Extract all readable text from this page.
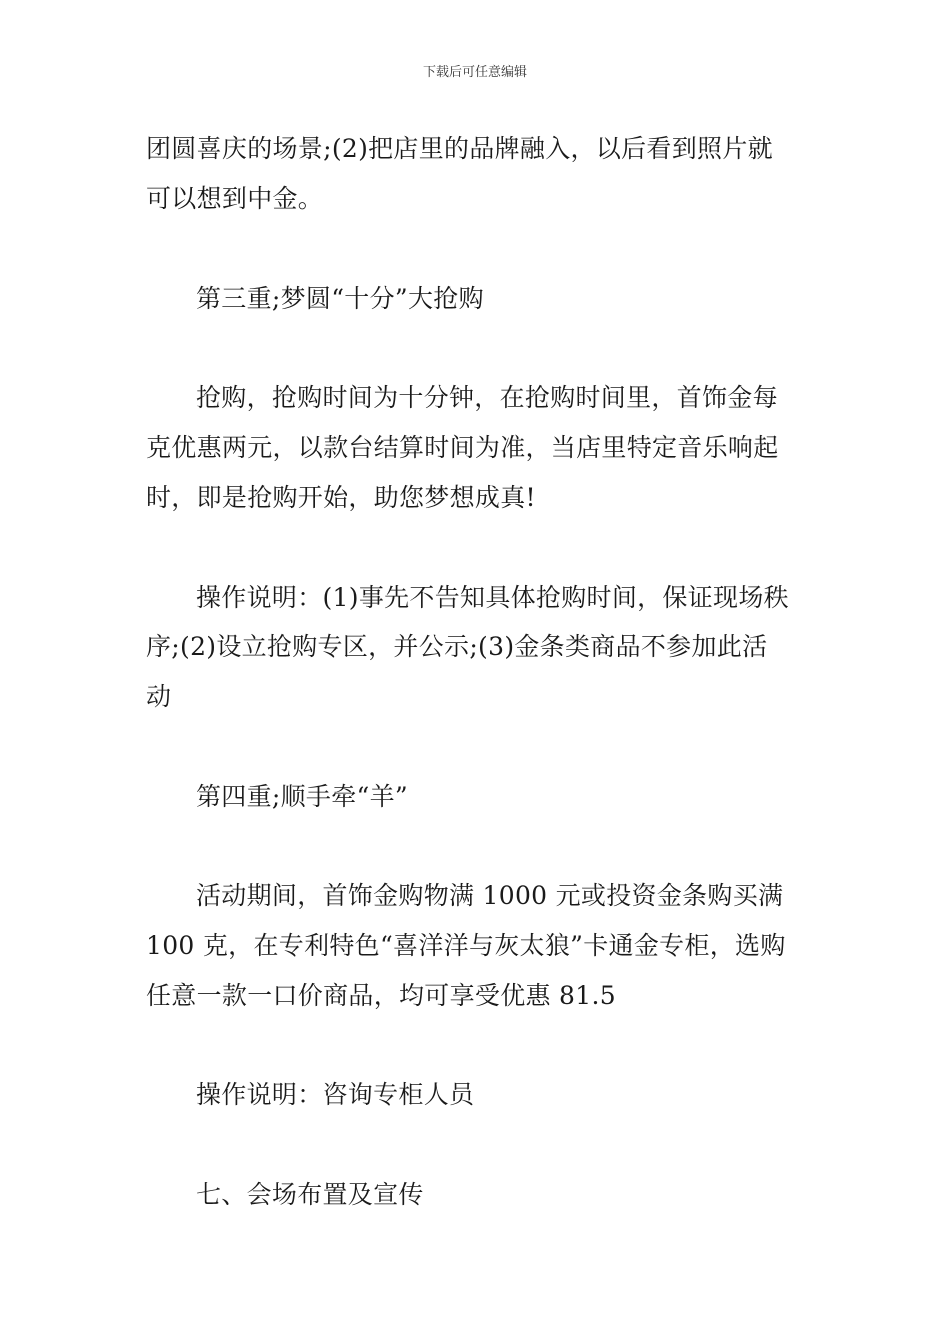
下载后可任意编辑
团圆喜庆的场景;(2)把店里的品牌融入，以后看到照片就
可以想到中金。
第三重;梦圆“十分”大抢购
抢购，抢购时间为十分钟，在抢购时间里，首饰金每
克优惠两元，以款台结算时间为准，当店里特定音乐响起
时，即是抢购开始，助您梦想成真!
操作说明：(1)事先不告知具体抢购时间，保证现场秩
序;(2)设立抢购专区，并公示;(3)金条类商品不参加此活
动
第四重;顺手牵“羊”
活动期间，首饰金购物满 1000 元或投资金条购买满
100 克，在专利特色“喜洋洋与灰太狼”卡通金专柜，选购
任意一款一口价商品，均可享受优惠 81.5
操作说明：咨询专柜人员
七、会场布置及宣传
